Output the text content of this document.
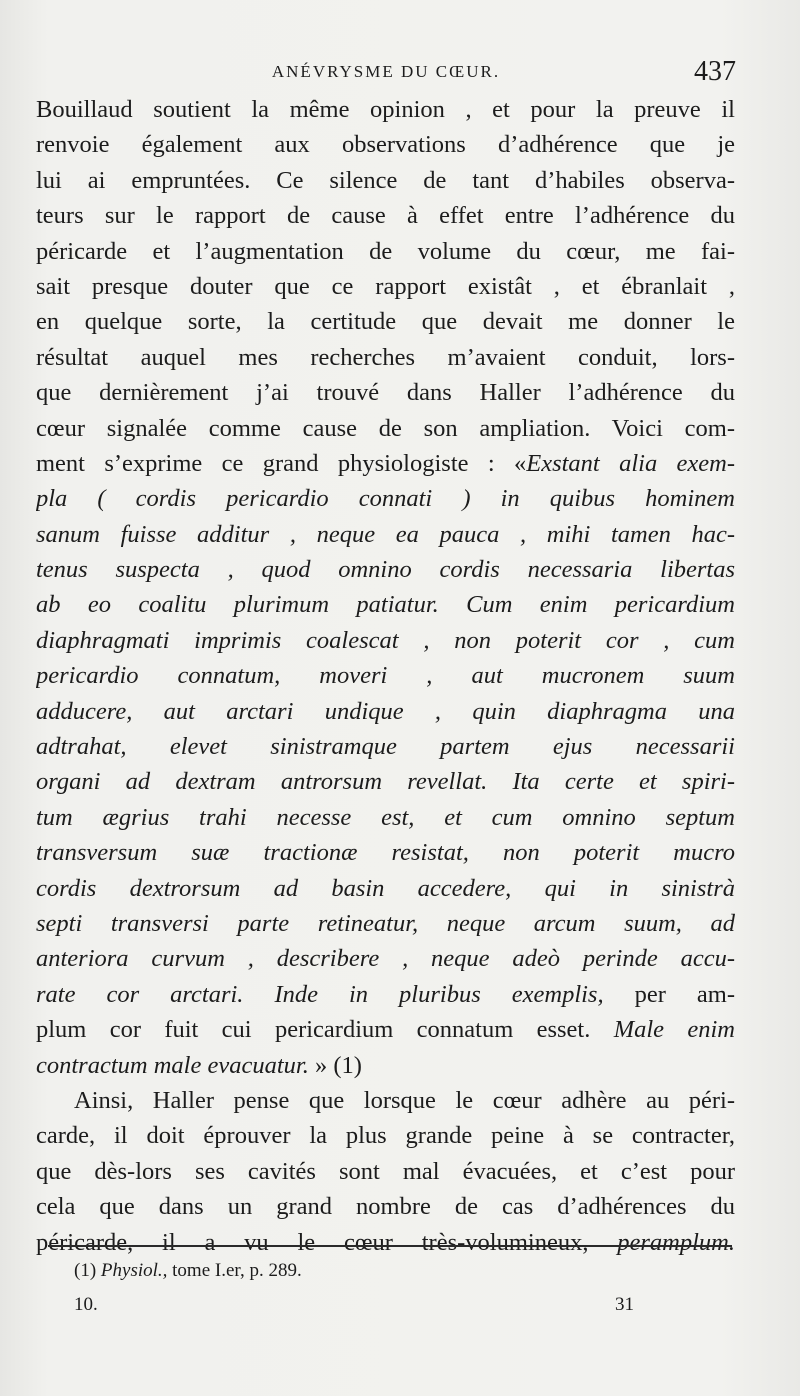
ANÉVRYSME DU CŒUR.	437

Bouillaud soutient la même opinion , et pour la preuve il

renvoie également aux observations d’adhérence que je

lui ai empruntées. Ce silence de tant d’habiles observa-

teurs sur le rapport de cause à effet entre l’adhérence du

péricarde et l’augmentation de volume du cœur, me fai-

sait presque douter que ce rapport existât , et ébranlait ,

en quelque sorte, la certitude que devait me donner le

résultat auquel mes recherches m’avaient conduit, lors-

que dernièrement j’ai trouvé dans Haller l’adhérence du

cœur signalée comme cause de son ampliation. Voici com-

ment s’exprime ce grand physiologiste : «Exstant alia exem-

pla ( cordis pericardio connati ) in quibus hominem

sanum fuisse additur , neque ea pauca , mihi tamen hac-

tenus suspecta , quod omnino cordis necessaria libertas

ab eo coalitu plurimum patiatur. Cum enim pericardium

diaphragmati imprimis coalescat , non poterit cor , cum

pericardio connatum, moveri , aut mucronem suum

adducere, aut arctari undique , quin diaphragma una

adtrahat, elevet sinistramque partem ejus necessarii

organi ad dextram antrorsum revellat. Ita certe et spiri-

tum ægrius trahi necesse est, et cum omnino septum

transversum suæ tractionæ resistat, non poterit mucro

cordis dextrorsum ad basin accedere, qui in sinistrà

septi transversi parte retineatur, neque arcum suum, ad

anteriora curvum , describere , neque adeò perinde accu-

rate cor arctari. Inde in pluribus exemplis, per am-

plum cor fuit cui pericardium connatum esset. Male enim

contractum male evacuatur. » (1)

Ainsi, Haller pense que lorsque le cœur adhère au péri-

carde, il doit éprouver la plus grande peine à se contracter,

que dès-lors ses cavités sont mal évacuées, et c’est pour

cela que dans un grand nombre de cas d’adhérences du

péricarde, il a vu le cœur très-volumineux, peramplum.

(1) Physiol., tome I.er, p. 289.
10.	31
